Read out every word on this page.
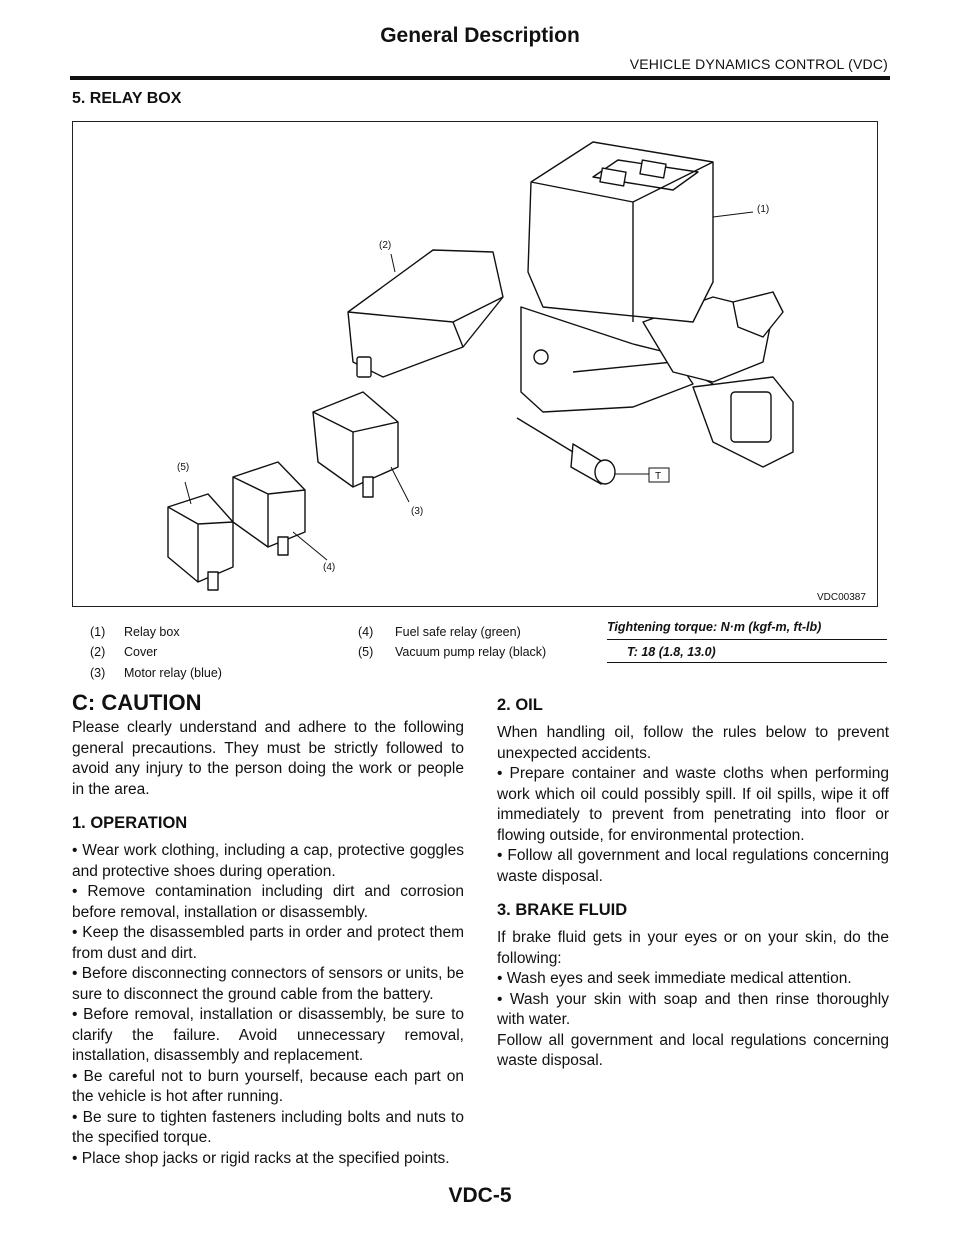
General Description
VEHICLE DYNAMICS CONTROL (VDC)
5. RELAY BOX
(1)
(2)
(3)
(4)
(5)
T
VDC00387
(1) Relay box
(2) Cover
(3) Motor relay (blue)
(4) Fuel safe relay (green)
(5) Vacuum pump relay (black)
Tightening torque: N·m (kgf-m, ft-lb)
T: 18 (1.8, 13.0)
C: CAUTION

Please clearly understand and adhere to the following general precautions. They must be strictly followed to avoid any injury to the person doing the work or people in the area.

1. OPERATION

• Wear work clothing, including a cap, protective goggles and protective shoes during operation.

• Remove contamination including dirt and corrosion before removal, installation or disassembly.

• Keep the disassembled parts in order and protect them from dust and dirt.

• Before disconnecting connectors of sensors or units, be sure to disconnect the ground cable from the battery.

• Before removal, installation or disassembly, be sure to clarify the failure. Avoid unnecessary removal, installation, disassembly and replacement.

• Be careful not to burn yourself, because each part on the vehicle is hot after running.

• Be sure to tighten fasteners including bolts and nuts to the specified torque.

• Place shop jacks or rigid racks at the specified points.

2. OIL

When handling oil, follow the rules below to prevent unexpected accidents.

• Prepare container and waste cloths when performing work which oil could possibly spill. If oil spills, wipe it off immediately to prevent from penetrating into floor or flowing outside, for environmental protection.

• Follow all government and local regulations concerning waste disposal.

3. BRAKE FLUID

If brake fluid gets in your eyes or on your skin, do the following:

• Wash eyes and seek immediate medical attention.

• Wash your skin with soap and then rinse thoroughly with water.

Follow all government and local regulations concerning waste disposal.

VDC-5
